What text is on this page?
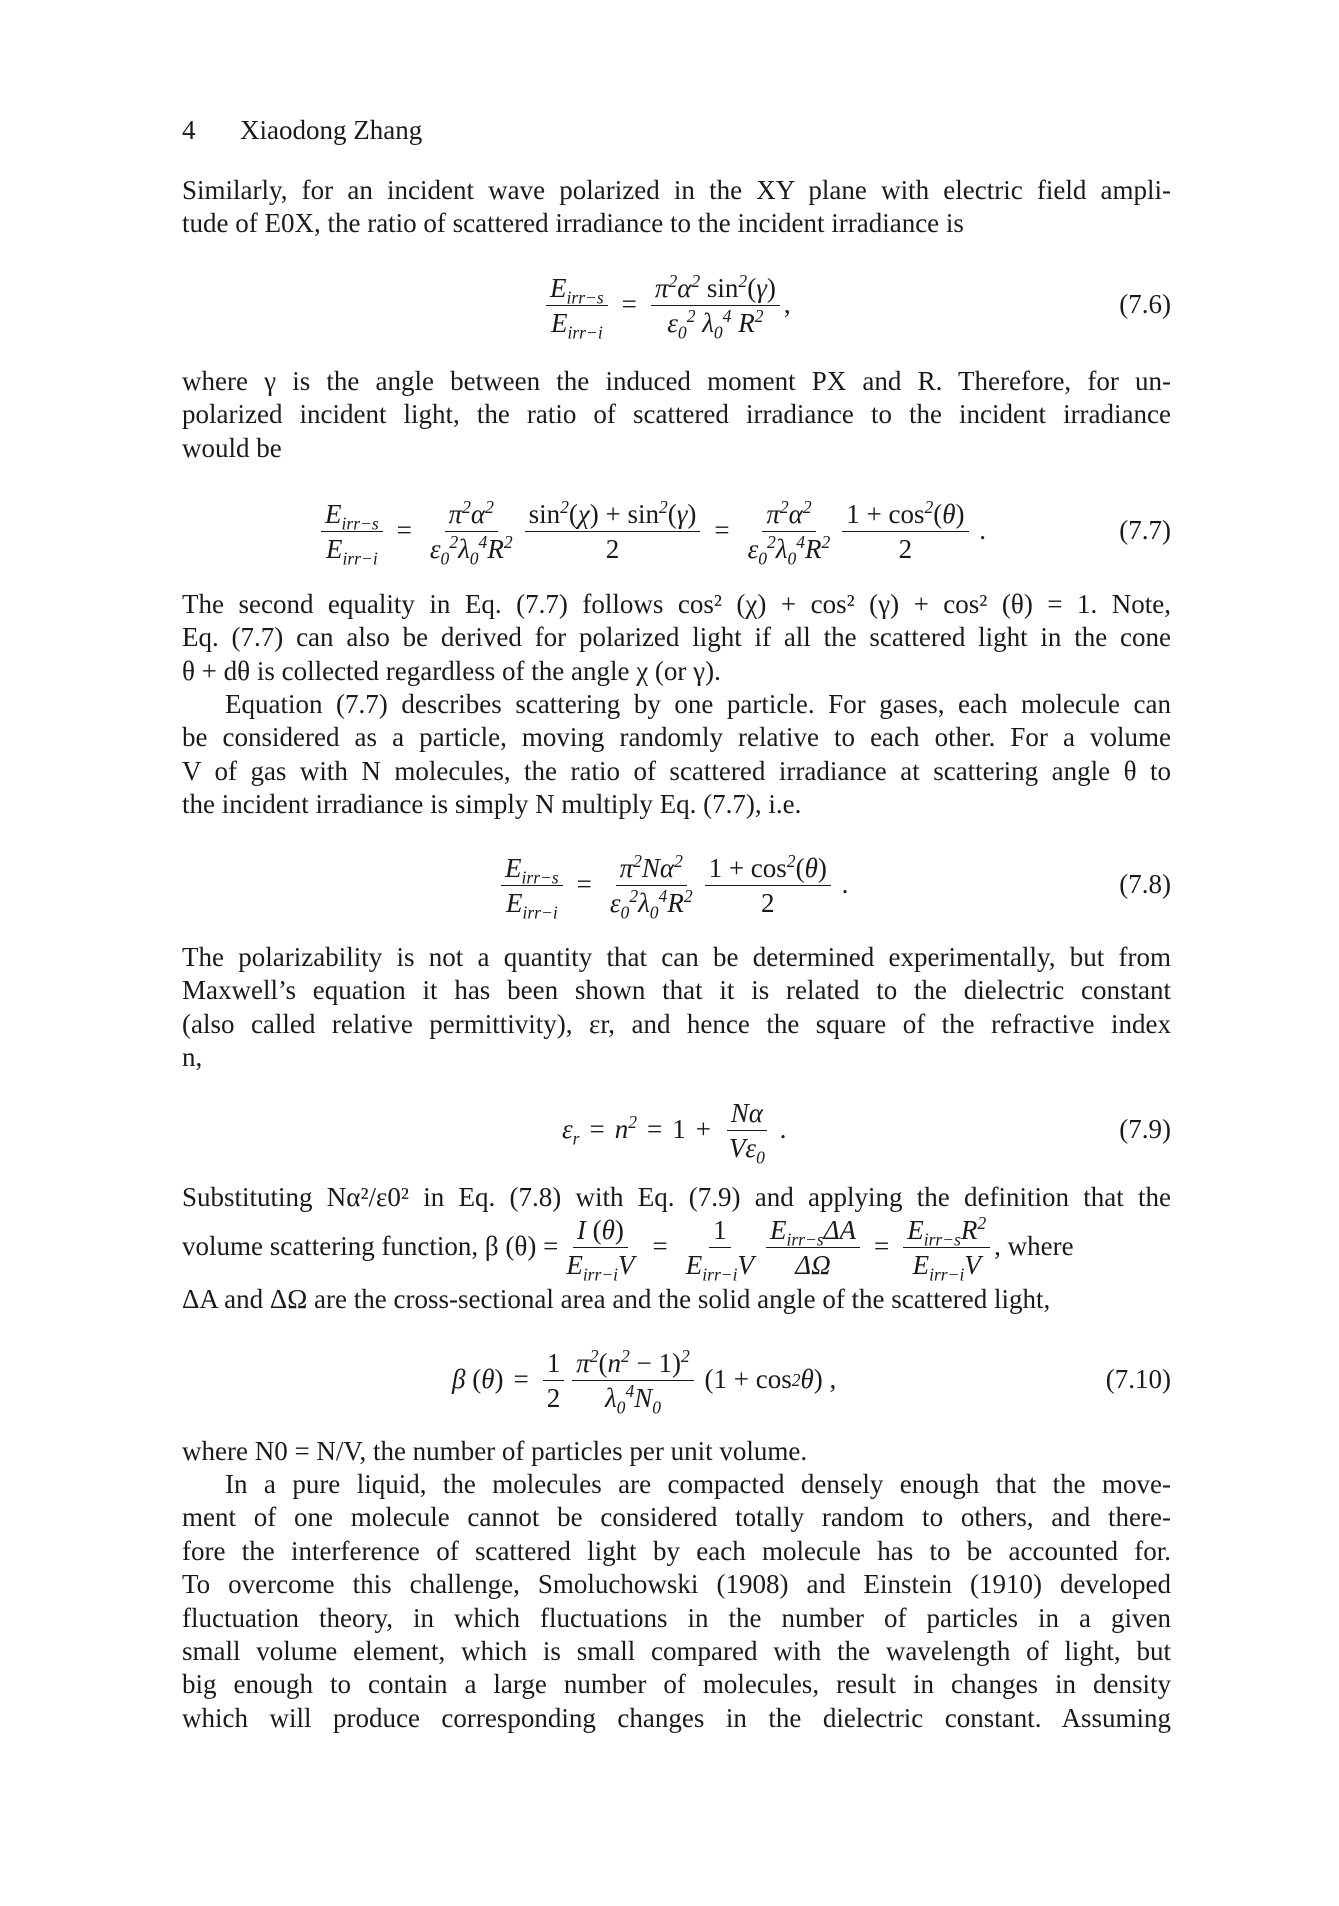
4 Xiaodong Zhang
Similarly, for an incident wave polarized in the XY plane with electric field ampli-
tude of E0X, the ratio of scattered irradiance to the incident irradiance is
$\frac{E_{irr-s}}{E_{irr-i}} = \frac{\pi^2\alpha^2 \sin^2(\gamma)}{\varepsilon_0^2 \lambda_0^4 R^2}$ ,	(7.6)
where γ is the angle between the induced moment PX and R. Therefore, for un-
polarized incident light, the ratio of scattered irradiance to the incident irradiance
would be
$\frac{E_{irr-s}}{E_{irr-i}} = \frac{\pi^2\alpha^2}{\varepsilon_0^2\lambda_0^4R^2} \frac{\sin^2(\chi) + \sin^2(\gamma)}{2} = \frac{\pi^2\alpha^2}{\varepsilon_0^2\lambda_0^4R^2} \frac{1 + \cos^2(\theta)}{2}$ .	(7.7)
The second equality in Eq. (7.7) follows cos² (χ) + cos² (γ) + cos² (θ) = 1. Note,
Eq. (7.7) can also be derived for polarized light if all the scattered light in the cone
θ + dθ is collected regardless of the angle χ (or γ).
Equation (7.7) describes scattering by one particle. For gases, each molecule can
be considered as a particle, moving randomly relative to each other. For a volume
V of gas with N molecules, the ratio of scattered irradiance at scattering angle θ to
the incident irradiance is simply N multiply Eq. (7.7), i.e.
$\frac{E_{irr-s}}{E_{irr-i}} = \frac{\pi^2N\alpha^2}{\varepsilon_0^2\lambda_0^4R^2} \frac{1 + \cos^2(\theta)}{2}$ .	(7.8)
The polarizability is not a quantity that can be determined experimentally, but from
Maxwell’s equation it has been shown that it is related to the dielectric constant
(also called relative permittivity), εr, and hence the square of the refractive index
n,
$\varepsilon_r = n^2 = 1 + \frac{N\alpha}{V\varepsilon_0}$ .	(7.9)
Substituting Nα²/ε0² in Eq. (7.8) with Eq. (7.9) and applying the definition that the
volume scattering function, β $(\theta) = \frac{I (\theta)}{E_{irr-i}V} = \frac{1}{E_{irr-i}V} \frac{E_{irr-s}\Delta A}{\Delta\Omega} = \frac{E_{irr-s}R^2}{E_{irr-i}V}$ , where
ΔA and ΔΩ are the cross-sectional area and the solid angle of the scattered light,
β $(\theta) = \frac{1}{2} \frac{\pi^2(n^2 - 1)^2}{\lambda_0^4N_0} (1 + \cos 2$ θ ) ,	(7.10)
where N0 = N/V, the number of particles per unit volume.
In a pure liquid, the molecules are compacted densely enough that the move-
ment of one molecule cannot be considered totally random to others, and there-
fore the interference of scattered light by each molecule has to be accounted for.
To overcome this challenge, Smoluchowski (1908) and Einstein (1910) developed
fluctuation theory, in which fluctuations in the number of particles in a given
small volume element, which is small compared with the wavelength of light, but
big enough to contain a large number of molecules, result in changes in density
which will produce corresponding changes in the dielectric constant. Assuming
